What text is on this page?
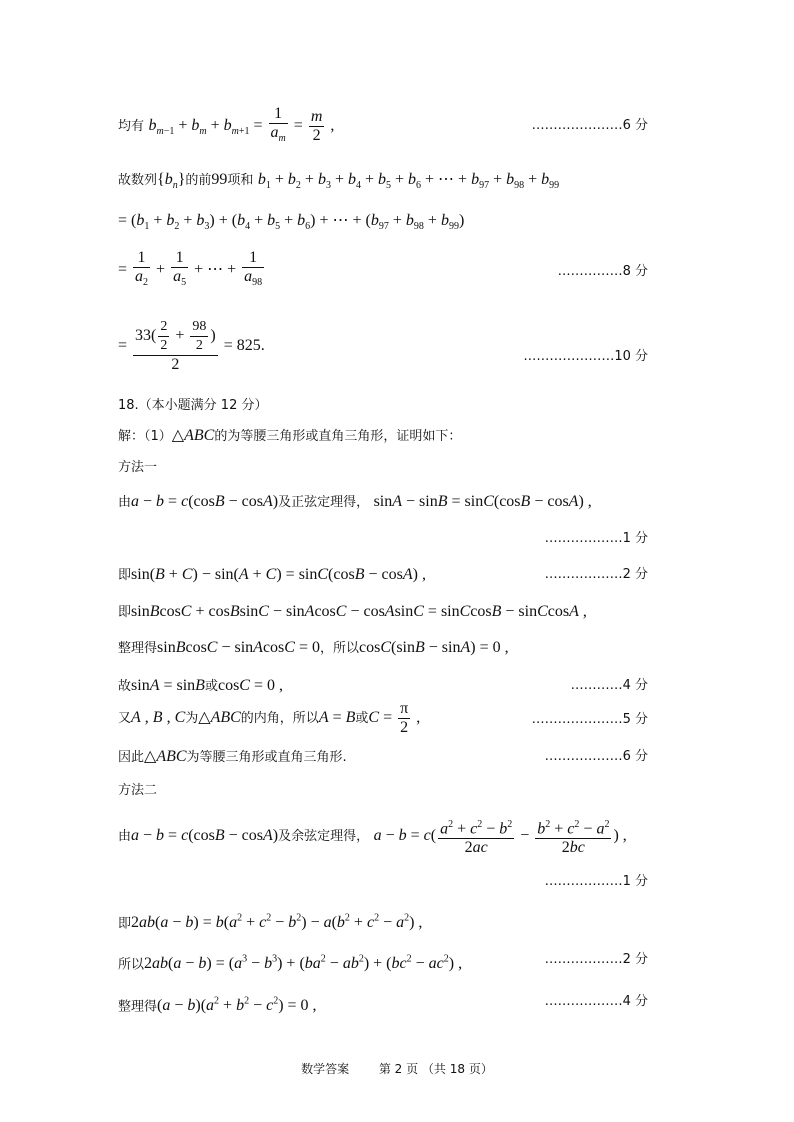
均有 $b_{m-1} + b_m + b_{m+1} = \frac{1}{a_m} = \frac{m}{2}$ ,	…………………6 分
故数列$\{b_n\}$的前99项和 $b_1 + b_2 + b_3 + b_4 + b_5 + b_6$ + ⋯ + $b_{97} + b_{98} + b_{99}$
= $(b_1 + b_2 + b_3) + (b_4 + b_5 + b_6)$ + ⋯ + $(b_{97} + b_{98} + b_{99})$
= $\frac{1}{a_2} + \frac{1}{a_5}$ + ⋯ + $\frac{1}{a_{98}}$	……………8 分
= $\frac{33( \frac{2}{2} + \frac{98}{2} )}{2} = 825$.
…………………10 分
18.（本小题满分 12 分）
解：（1）△ABC的为等腰三角形或直角三角形，证明如下：
方法一
由a − b = c(cosB − cosA)及正弦定理得， sinA − sinB = sinC(cosB − cosA) ,
………………1 分
即sin(B + C) − sin(A + C) = sinC(cosB − cosA) ,	………………2 分
即sinBcosC + cosBsinC − sinAcosC − cosAsinC = sinCcosB − sinCcosA ,
整理得sinBcosC − sinAcosC = 0，所以cosC(sinB − sinA) = 0 ,
故sinA = sinB或cosC = 0 ,	…………4 分
又A , B , C为△ABC的内角，所以A = B或$C = \frac{\pi}{2}$ ,	…………………5 分
因此△ABC为等腰三角形或直角三角形.	………………6 分
方法二
由a − b = c(cosB − cosA)及余弦定理得， $a - b = c( \frac{a^2 + c^2 - b^2}{2ac} - \frac{b^2 + c^2 - a^2}{2bc}$ ) ,
………………1 分
即$2ab(a - b) = b(a^2 + c^2 - b^2) - a(b^2 + c^2 - a^2)$ ,
所以$2ab(a - b) = (a^3 - b^3) + (ba^2 - ab^2) + (bc^2 - ac^2)$ ,	………………2 分
整理得$(a - b)(a^2 + b^2 - c^2) = 0$ ,	………………4 分
数学答案 第 2 页 （共 18 页）
